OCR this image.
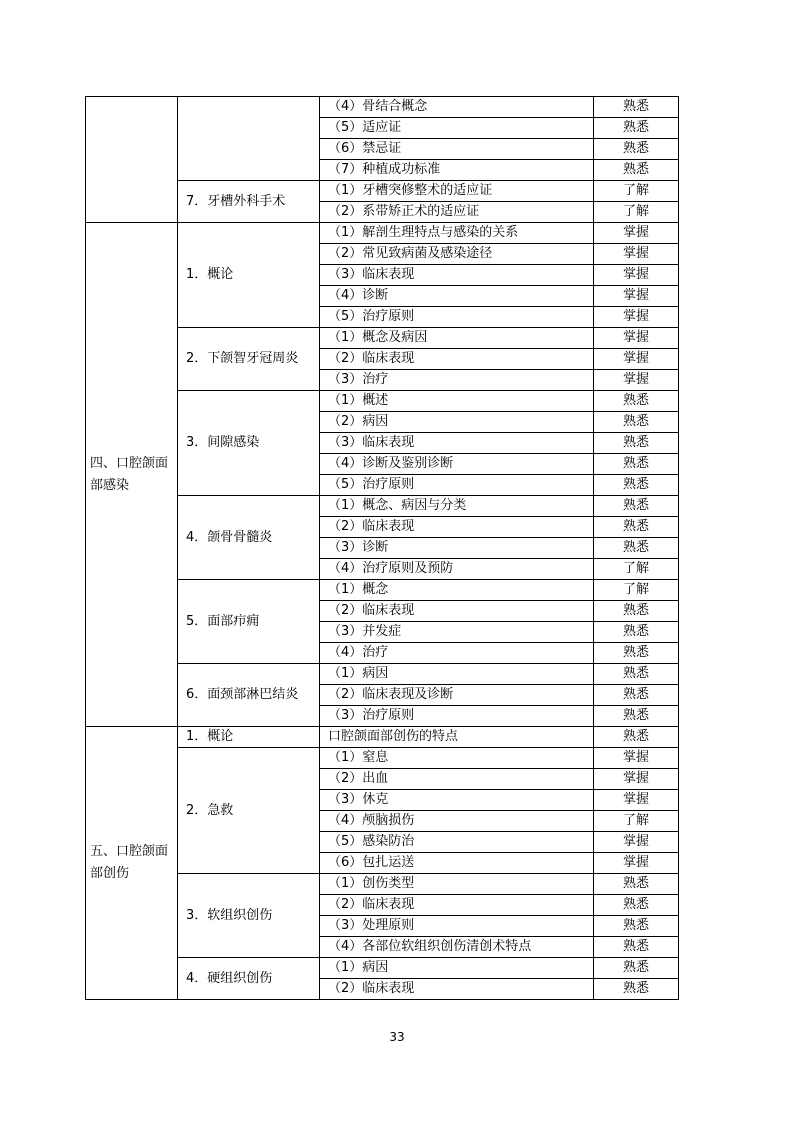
		（4）骨结合概念	熟悉
		（5）适应证	熟悉
		（6）禁忌证	熟悉
		（7）种植成功标准	熟悉
	7．牙槽外科手术	（1）牙槽突修整术的适应证	了解
		（2）系带矫正术的适应证	了解
四、口腔颌面部感染	1．概论	（1）解剖生理特点与感染的关系	掌握
		（2）常见致病菌及感染途径	掌握
		（3）临床表现	掌握
		（4）诊断	掌握
		（5）治疗原则	掌握
	2．下颌智牙冠周炎	（1）概念及病因	掌握
		（2）临床表现	掌握
		（3）治疗	掌握
	3．间隙感染	（1）概述	熟悉
		（2）病因	熟悉
		（3）临床表现	熟悉
		（4）诊断及鉴别诊断	熟悉
		（5）治疗原则	熟悉
	4．颌骨骨髓炎	（1）概念、病因与分类	熟悉
		（2）临床表现	熟悉
		（3）诊断	熟悉
		（4）治疗原则及预防	了解
	5．面部疖痈	（1）概念	了解
		（2）临床表现	熟悉
		（3）并发症	熟悉
		（4）治疗	熟悉
	6．面颈部淋巴结炎	（1）病因	熟悉
		（2）临床表现及诊断	熟悉
		（3）治疗原则	熟悉
五、口腔颌面部创伤	1．概论	口腔颌面部创伤的特点	熟悉
	2．急救	（1）窒息	掌握
		（2）出血	掌握
		（3）休克	掌握
		（4）颅脑损伤	了解
		（5）感染防治	掌握
		（6）包扎运送	掌握
	3．软组织创伤	（1）创伤类型	熟悉
		（2）临床表现	熟悉
		（3）处理原则	熟悉
		（4）各部位软组织创伤清创术特点	熟悉
	4．硬组织创伤	（1）病因	熟悉
		（2）临床表现	熟悉
33
